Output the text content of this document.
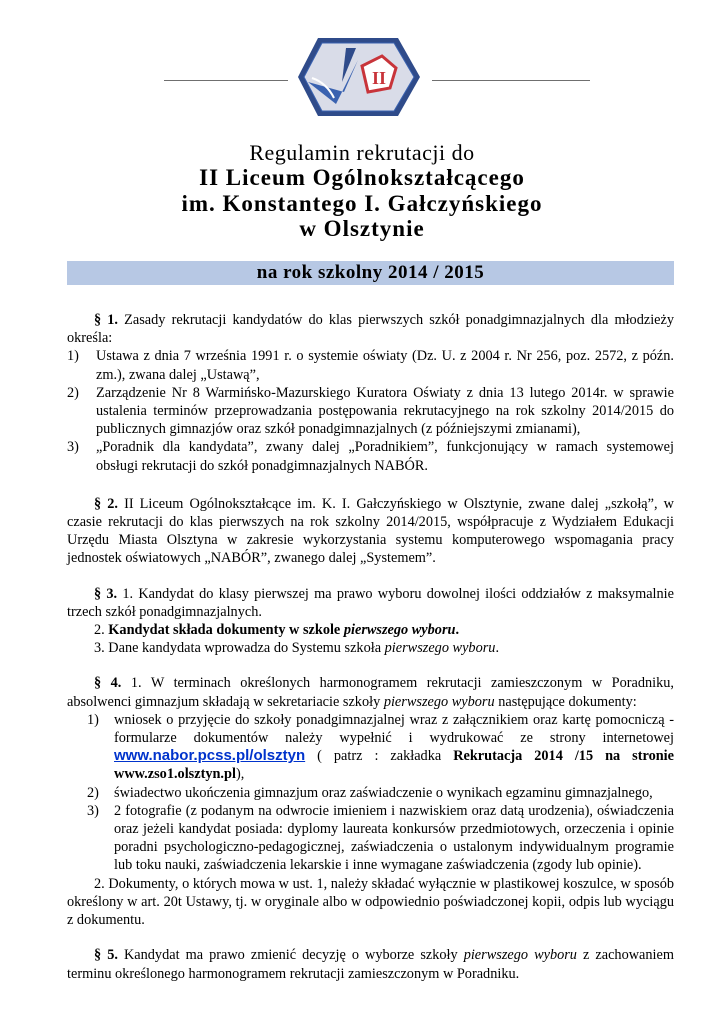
II
Regulamin rekrutacji do
II Liceum Ogólnokształcącego
im. Konstantego I. Gałczyńskiego
w Olsztynie
na rok szkolny 2014 / 2015

§ 1. Zasady rekrutacji kandydatów do klas pierwszych szkół ponadgimnazjalnych dla młodzieży określa:

1) Ustawa z dnia 7 września 1991 r. o systemie oświaty (Dz. U. z 2004 r. Nr 256, poz. 2572, z późn. zm.), zwana dalej „Ustawą”,
2) Zarządzenie Nr 8 Warmińsko-Mazurskiego Kuratora Oświaty z dnia 13 lutego 2014r. w sprawie ustalenia terminów przeprowadzania postępowania rekrutacyjnego na rok szkolny 2014/2015 do publicznych gimnazjów oraz szkół ponadgimnazjalnych (z późniejszymi zmianami),
3) „Poradnik dla kandydata”, zwany dalej „Poradnikiem”, funkcjonujący w ramach systemowej obsługi rekrutacji do szkół ponadgimnazjalnych NABÓR.

§ 2. II Liceum Ogólnokształcące im. K. I. Gałczyńskiego w Olsztynie, zwane dalej „szkołą”, w czasie rekrutacji do klas pierwszych na rok szkolny 2014/2015, współpracuje z Wydziałem Edukacji Urzędu Miasta Olsztyna w zakresie wykorzystania systemu komputerowego wspomagania pracy jednostek oświatowych „NABÓR”, zwanego dalej „Systemem”.

§ 3. 1. Kandydat do klasy pierwszej ma prawo wyboru dowolnej ilości oddziałów z maksymalnie trzech szkół ponadgimnazjalnych.

2. Kandydat składa dokumenty w szkole pierwszego wyboru.

3. Dane kandydata wprowadza do Systemu szkoła pierwszego wyboru.

§ 4. 1. W terminach określonych harmonogramem rekrutacji zamieszczonym w Poradniku, absolwenci gimnazjum składają w sekretariacie szkoły pierwszego wyboru następujące dokumenty:

1) wniosek o przyjęcie do szkoły ponadgimnazjalnej wraz z załącznikiem oraz kartę pomocniczą - formularze dokumentów należy wypełnić i wydrukować ze strony internetowej www.nabor.pcss.pl/olsztyn ( patrz : zakładka Rekrutacja 2014 /15 na stronie www.zso1.olsztyn.pl),
2) świadectwo ukończenia gimnazjum oraz zaświadczenie o wynikach egzaminu gimnazjalnego,
3) 2 fotografie (z podanym na odwrocie imieniem i nazwiskiem oraz datą urodzenia), oświadczenia oraz jeżeli kandydat posiada: dyplomy laureata konkursów przedmiotowych, orzeczenia i opinie poradni psychologiczno-pedagogicznej, zaświadczenia o ustalonym indywidualnym programie lub toku nauki, zaświadczenia lekarskie i inne wymagane zaświadczenia (zgody lub opinie).

2. Dokumenty, o których mowa w ust. 1, należy składać wyłącznie w plastikowej koszulce, w sposób określony w art. 20t Ustawy, tj. w oryginale albo w odpowiednio poświadczonej kopii, odpis lub wyciągu z dokumentu.

§ 5. Kandydat ma prawo zmienić decyzję o wyborze szkoły pierwszego wyboru z zachowaniem terminu określonego harmonogramem rekrutacji zamieszczonym w Poradniku.
